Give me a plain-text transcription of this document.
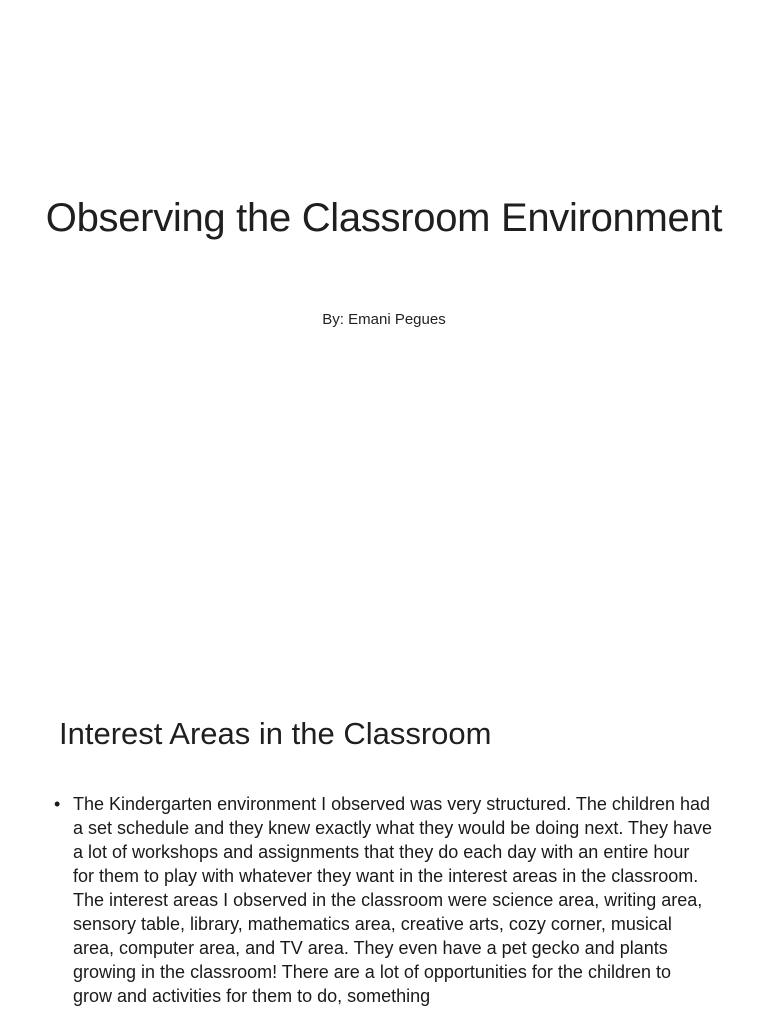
Observing the Classroom Environment

By: Emani Pegues

Interest Areas in the Classroom
• The Kindergarten environment I observed was very structured. The children had a set schedule and they knew exactly what they would be doing next. They have a lot of workshops and assignments that they do each day with an entire hour for them to play with whatever they want in the interest areas in the classroom. The interest areas I observed in the classroom were science area, writing area, sensory table, library, mathematics area, creative arts, cozy corner, musical area, computer area, and TV area. They even have a pet gecko and plants growing in the classroom! There are a lot of opportunities for the children to grow and activities for them to do, something
